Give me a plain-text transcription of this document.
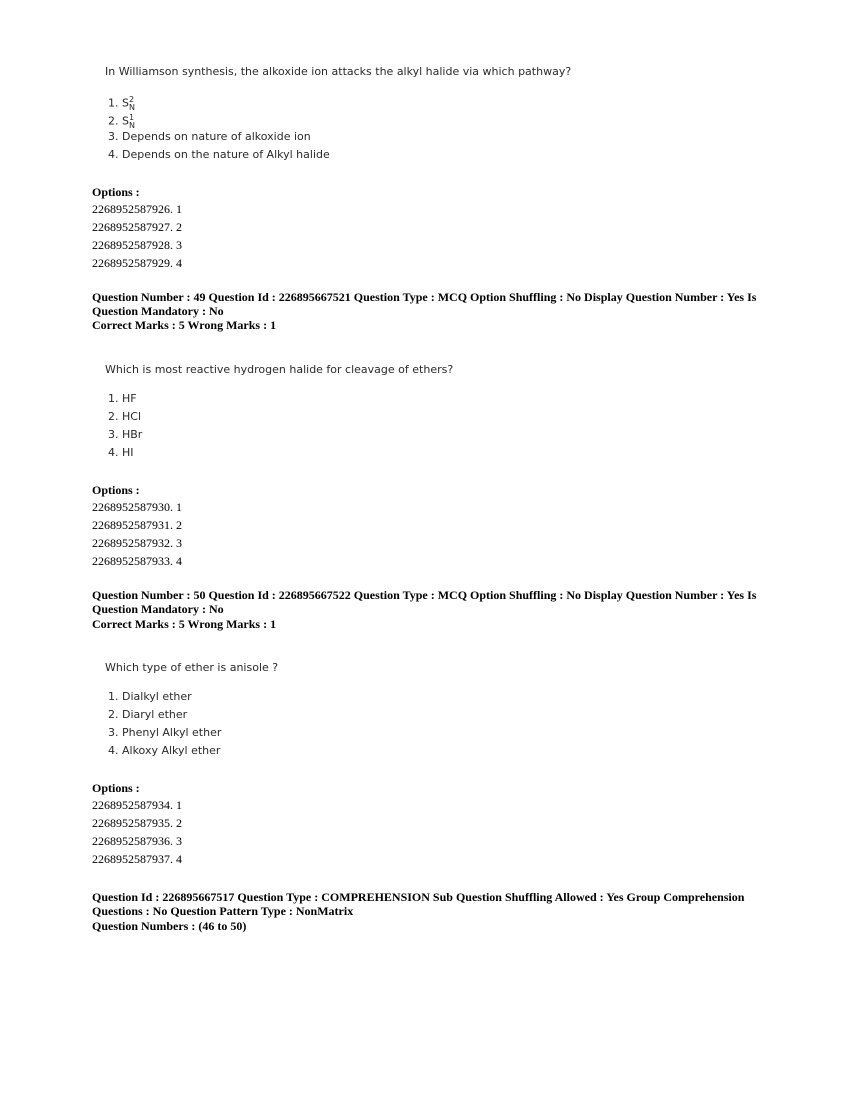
In Williamson synthesis, the alkoxide ion attacks the alkyl halide via which pathway?

1. $S_N^2$
2. $S_N^1$
3. Depends on nature of alkoxide ion
4. Depends on the nature of Alkyl halide

Options :

2268952587926. 1

2268952587927. 2

2268952587928. 3

2268952587929. 4

Question Number : 49 Question Id : 226895667521 Question Type : MCQ Option Shuffling : No Display Question Number : Yes Is Question Mandatory : No

Correct Marks : 5 Wrong Marks : 1

Which is most reactive hydrogen halide for cleavage of ethers?

1. HF

2. HCl

3. HBr

4. HI

Options :

2268952587930. 1

2268952587931. 2

2268952587932. 3

2268952587933. 4

Question Number : 50 Question Id : 226895667522 Question Type : MCQ Option Shuffling : No Display Question Number : Yes Is Question Mandatory : No

Correct Marks : 5 Wrong Marks : 1

Which type of ether is anisole ?

1. Dialkyl ether

2. Diaryl ether

3. Phenyl Alkyl ether

4. Alkoxy Alkyl ether

Options :

2268952587934. 1

2268952587935. 2

2268952587936. 3

2268952587937. 4

Question Id : 226895667517 Question Type : COMPREHENSION Sub Question Shuffling Allowed : Yes Group Comprehension Questions : No Question Pattern Type : NonMatrix

Question Numbers : (46 to 50)
